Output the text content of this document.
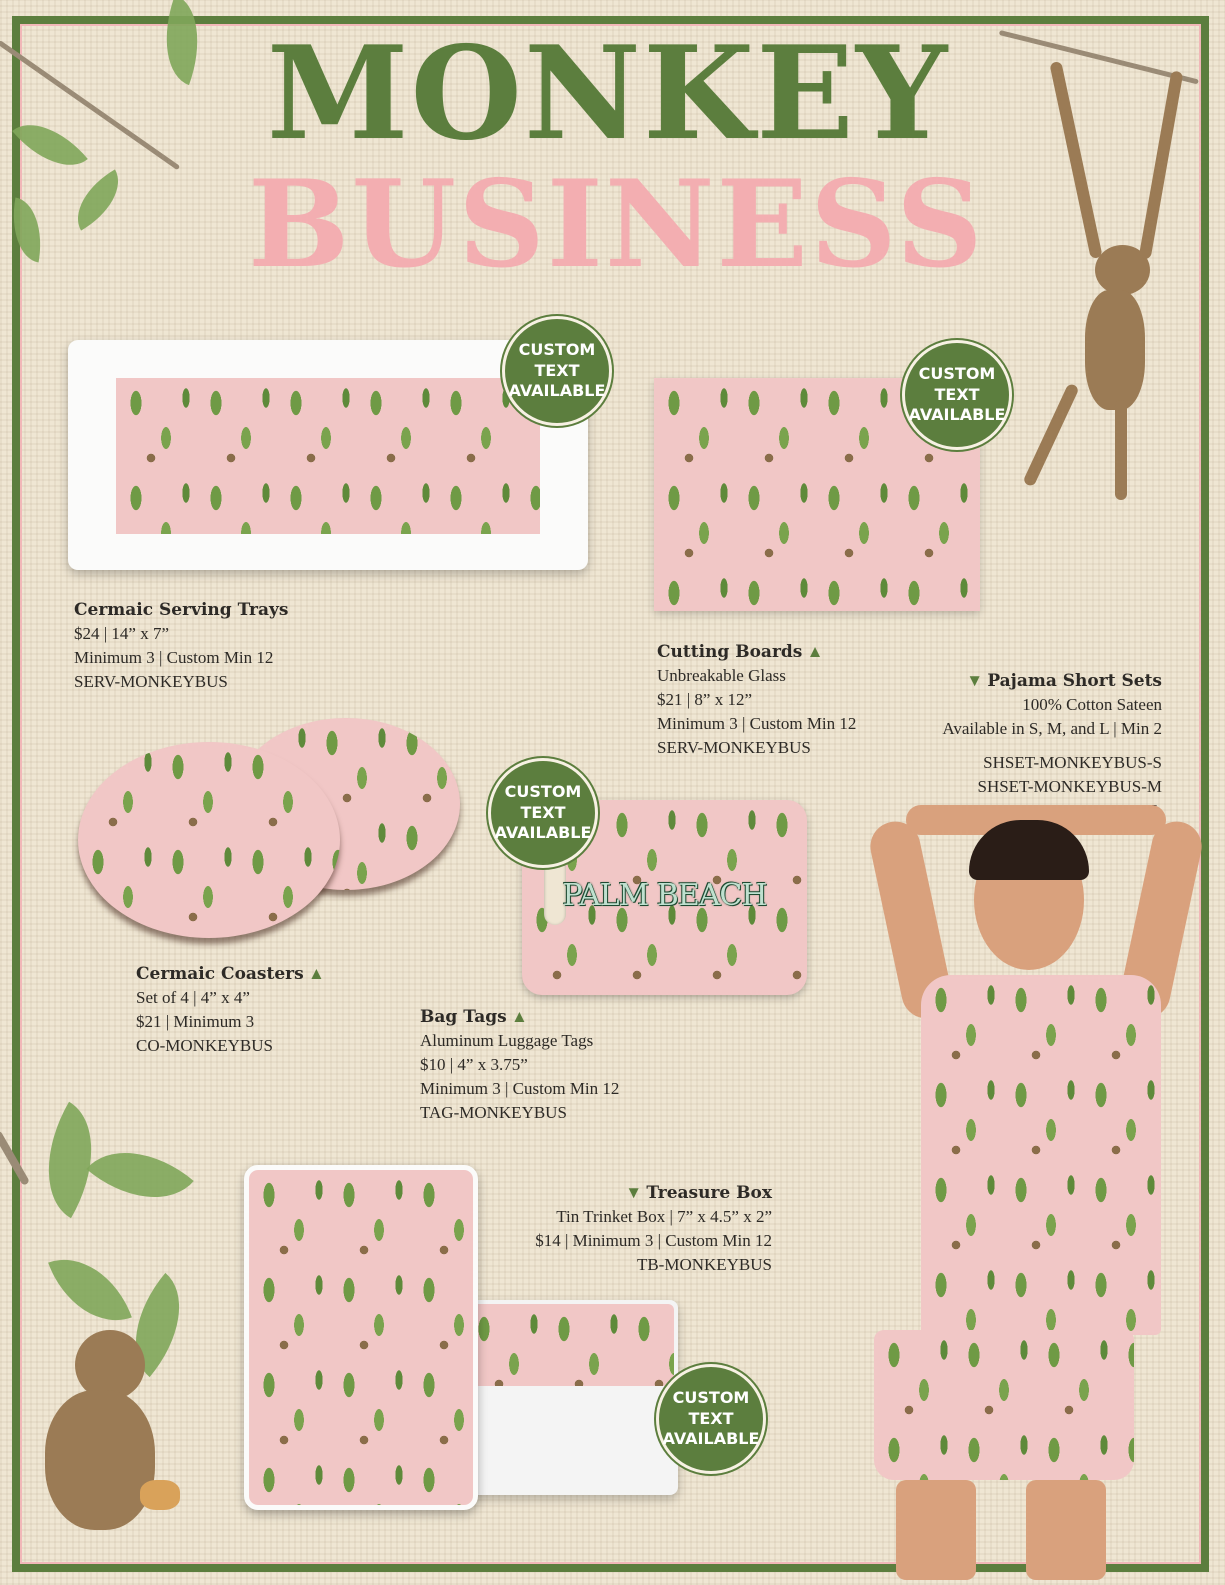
MONKEY
BUSINESS
CUSTOM
TEXT
AVAILABLE
Cermaic Serving Trays
$24 | 14” x 7”
Minimum 3 | Custom Min 12
SERV-MONKEYBUS
CUSTOM
TEXT
AVAILABLE
Cutting Boards ▲
Unbreakable Glass
$21 | 8” x 12”
Minimum 3 | Custom Min 12
SERV-MONKEYBUS
▼ Pajama Short Sets
100% Cotton Sateen
Available in S, M, and L | Min 2
SHSET-MONKEYBUS-S
SHSET-MONKEYBUS-M
Cermaic Coasters ▲
Set of 4 | 4” x 4”
$21 | Minimum 3
CO-MONKEYBUS
PALM BEACH
CUSTOM
TEXT
AVAILABLE
Bag Tags ▲
Aluminum Luggage Tags
$10 | 4” x 3.75”
Minimum 3 | Custom Min 12
TAG-MONKEYBUS
CUSTOM
TEXT
AVAILABLE
▼ Treasure Box
Tin Trinket Box | 7” x 4.5” x 2”
$14 | Minimum 3 | Custom Min 12
TB-MONKEYBUS
